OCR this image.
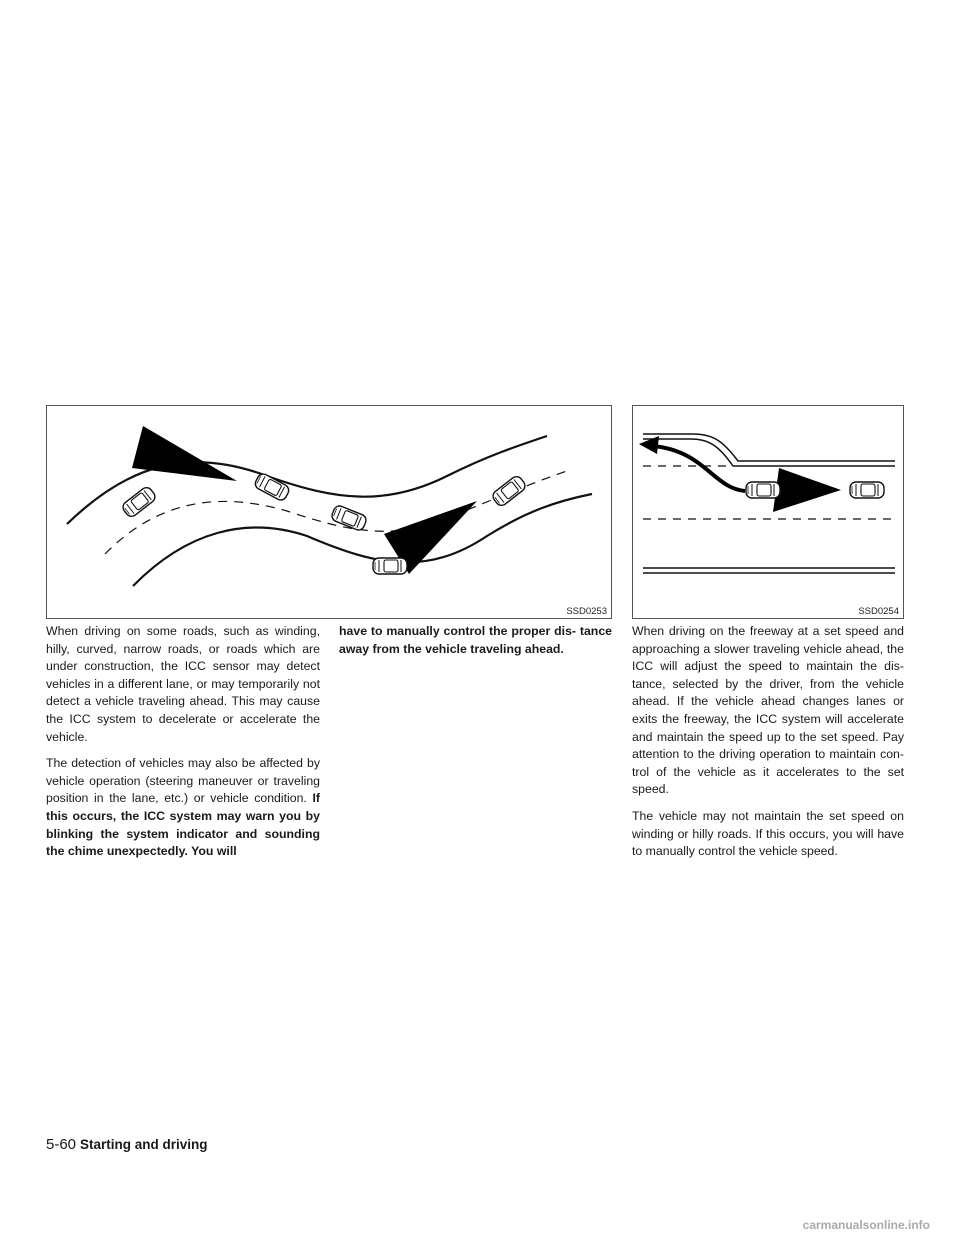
SSD0253	SSD0254

When driving on some roads, such as winding, hilly, curved, narrow roads, or roads which are under construction, the ICC sensor may detect vehicles in a different lane, or may temporarily not detect a vehicle traveling ahead. This may cause the ICC system to decelerate or accelerate the vehicle.

The detection of vehicles may also be affected by vehicle operation (steering maneuver or traveling position in the lane, etc.) or vehicle condition. If this occurs, the ICC system may warn you by blinking the system indicator and sounding the chime unexpectedly. You will

have to manually control the proper dis- tance away from the vehicle traveling ahead.

When driving on the freeway at a set speed and approaching a slower traveling vehicle ahead, the ICC will adjust the speed to maintain the dis- tance, selected by the driver, from the vehicle ahead. If the vehicle ahead changes lanes or exits the freeway, the ICC system will accelerate and maintain the speed up to the set speed. Pay attention to the driving operation to maintain con- trol of the vehicle as it accelerates to the set speed.

The vehicle may not maintain the set speed on winding or hilly roads. If this occurs, you will have to manually control the vehicle speed.

5-60 Starting and driving
carmanualsonline.info
